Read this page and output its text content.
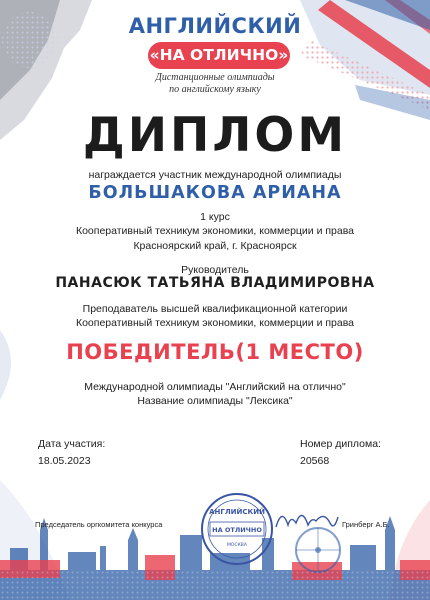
АНГЛИЙСКИЙ
«НА ОТЛИЧНО»
Дистанционные олимпиады
по английскому языку
ДИПЛОМ
награждается участник международной олимпиады
БОЛЬШАКОВА АРИАНА
1 курс
Кооперативный техникум экономики, коммерции и права
Красноярский край, г. Красноярск
Руководитель
ПАНАСЮК ТАТЬЯНА ВЛАДИМИРОВНА
Преподаватель высшей квалификационной категории
Кооперативный техникум экономики, коммерции и права
ПОБЕДИТЕЛЬ(1 МЕСТО)
Международной олимпиады "Английский на отлично"
Название олимпиады "Лексика"
Дата участия:
18.05.2023
Номер диплома:
20568
Председатель оргкомитета конкурса	Гринберг А.Б.
АНГЛИЙСКИЙ
НА ОТЛИЧНО
МОСКВА
